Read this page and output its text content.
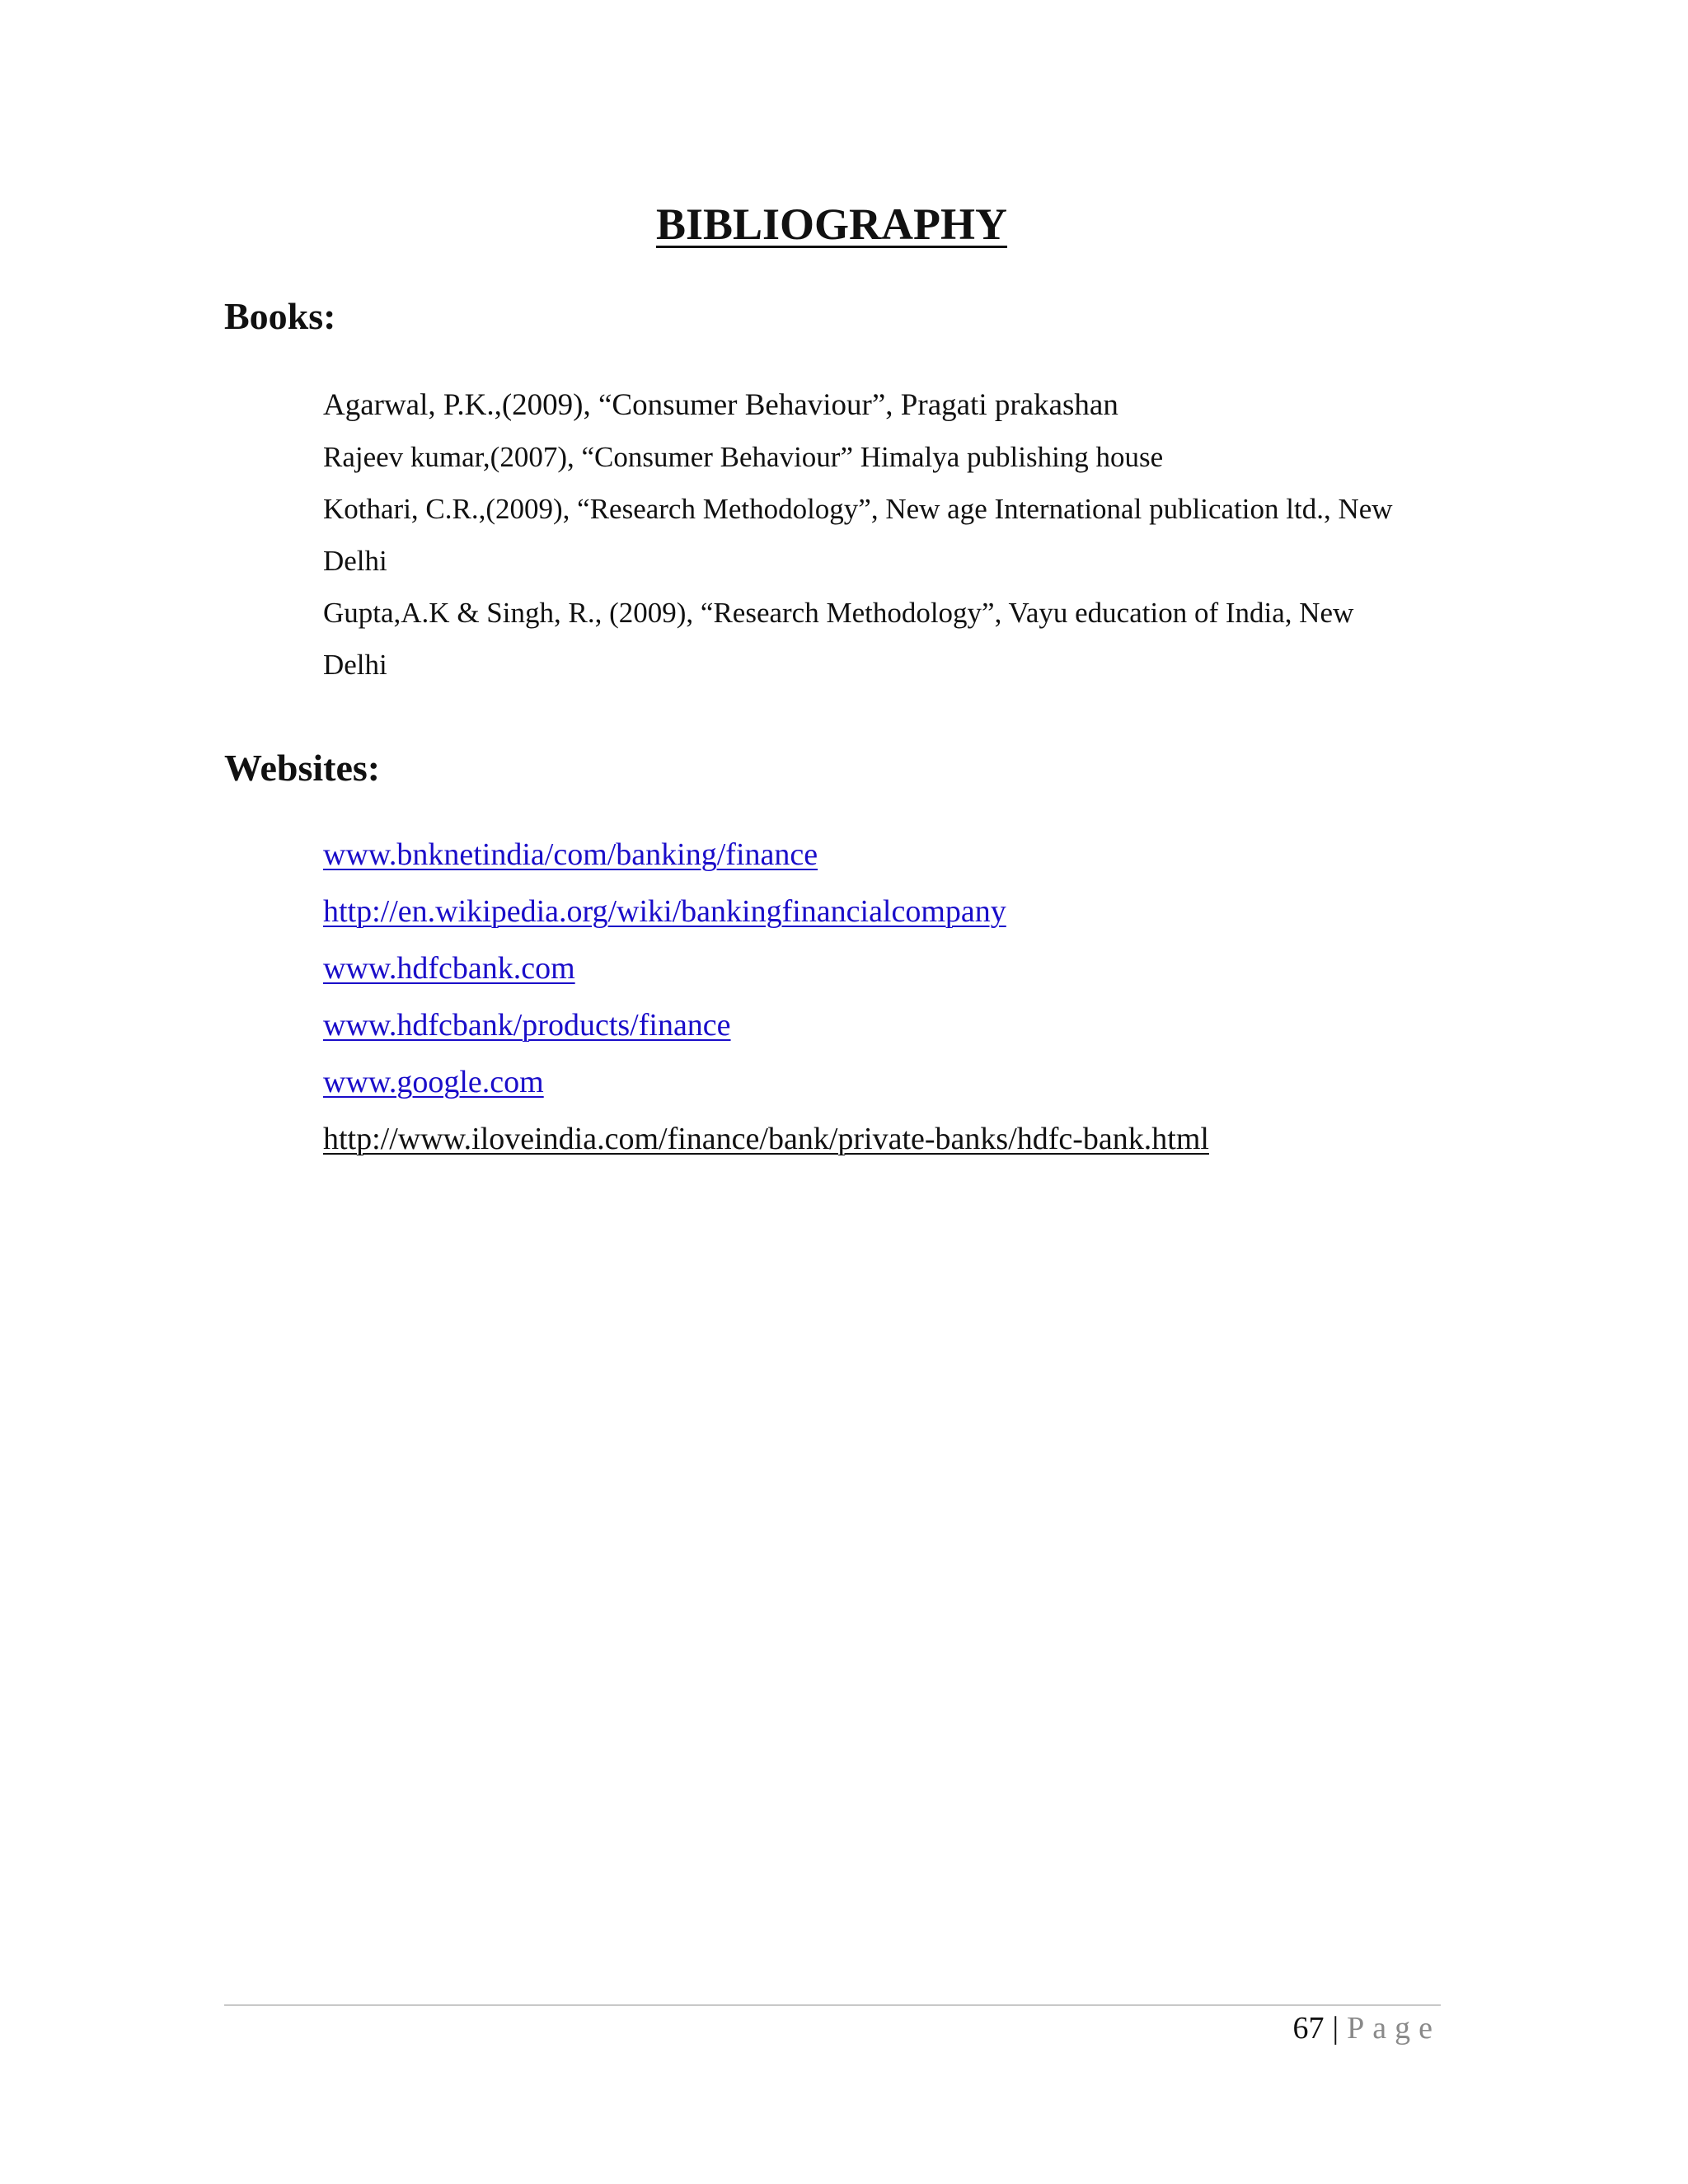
BIBLIOGRAPHY
Books:
Agarwal, P.K.,(2009), “Consumer Behaviour”, Pragati prakashan
Rajeev kumar,(2007), “Consumer Behaviour” Himalya publishing house
Kothari, C.R.,(2009), “Research Methodology”, New age International publication ltd., New Delhi
Gupta,A.K & Singh, R., (2009), “Research Methodology”, Vayu education of India, New Delhi
Websites:
www.bnknetindia/com/banking/finance
http://en.wikipedia.org/wiki/bankingfinancialcompany
www.hdfcbank.com
www.hdfcbank/products/finance
www.google.com
http://www.iloveindia.com/finance/bank/private-banks/hdfc-bank.html
67 | Page
